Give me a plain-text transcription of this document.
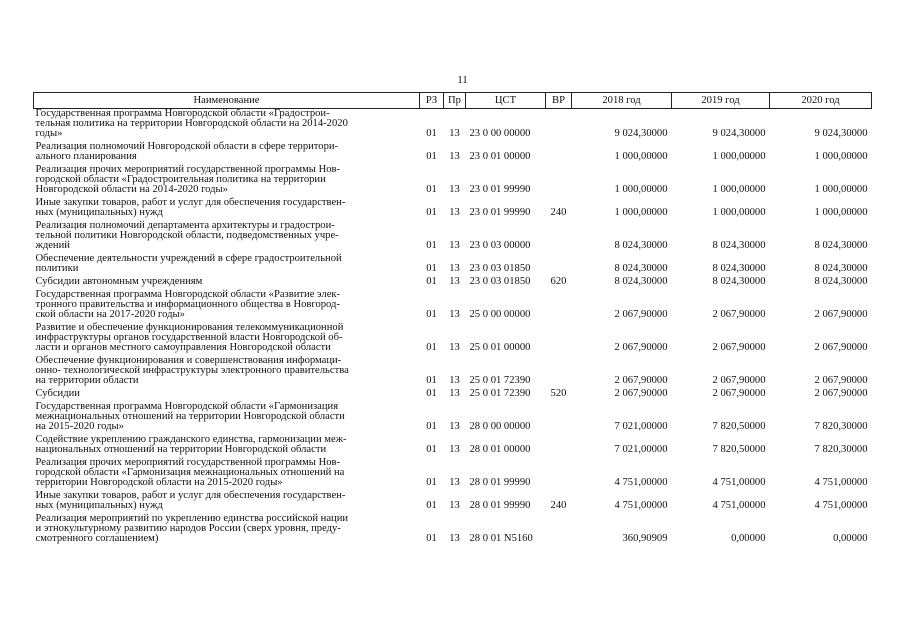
11
Наименование	РЗ	Пр	ЦСТ	ВР	2018 год	2019 год	2020 год
Государственная программа Новгородской области «Градострои-
тельная политика на территории Новгородской области на 2014-2020
годы»	01	13	23 0 00 00000		9 024,30000	9 024,30000	9 024,30000
Реализация полномочий Новгородской области в сфере территори-
ального планирования	01	13	23 0 01 00000		1 000,00000	1 000,00000	1 000,00000
Реализация прочих мероприятий государственной программы Нов-
городской области «Градостроительная политика на территории
Новгородской области на 2014-2020 годы»	01	13	23 0 01 99990		1 000,00000	1 000,00000	1 000,00000
Иные закупки товаров, работ и услуг для обеспечения государствен-
ных (муниципальных) нужд	01	13	23 0 01 99990	240	1 000,00000	1 000,00000	1 000,00000
Реализация полномочий департамента архитектуры и градострои-
тельной политики Новгородской области, подведомственных учре-
ждений	01	13	23 0 03 00000		8 024,30000	8 024,30000	8 024,30000
Обеспечение деятельности учреждений в сфере градостроительной
политики	01	13	23 0 03 01850		8 024,30000	8 024,30000	8 024,30000
Субсидии автономным учреждениям	01	13	23 0 03 01850	620	8 024,30000	8 024,30000	8 024,30000
Государственная программа Новгородской области «Развитие элек-
тронного правительства и информационного общества в Новгород-
ской области на 2017-2020 годы»	01	13	25 0 00 00000		2 067,90000	2 067,90000	2 067,90000
Развитие и обеспечение функционирования телекоммуникационной
инфраструктуры органов государственной власти Новгородской об-
ласти и органов местного самоуправления Новгородской области	01	13	25 0 01 00000		2 067,90000	2 067,90000	2 067,90000
Обеспечение функционирования и совершенствования информаци-
онно- технологической инфраструктуры электронного правительства
на территории области	01	13	25 0 01 72390		2 067,90000	2 067,90000	2 067,90000
Субсидии	01	13	25 0 01 72390	520	2 067,90000	2 067,90000	2 067,90000
Государственная программа Новгородской области «Гармонизация
межнациональных отношений на территории Новгородской области
на 2015-2020 годы»	01	13	28 0 00 00000		7 021,00000	7 820,50000	7 820,30000
Содействие укреплению гражданского единства, гармонизации меж-
национальных отношений на территории Новгородской области	01	13	28 0 01 00000		7 021,00000	7 820,50000	7 820,30000
Реализация прочих мероприятий государственной программы Нов-
городской области «Гармонизация межнациональных отношений на
территории Новгородской области на 2015-2020 годы»	01	13	28 0 01 99990		4 751,00000	4 751,00000	4 751,00000
Иные закупки товаров, работ и услуг для обеспечения государствен-
ных (муниципальных) нужд	01	13	28 0 01 99990	240	4 751,00000	4 751,00000	4 751,00000
Реализация мероприятий по укреплению единства российской нации
и этнокультурному развитию народов России (сверх уровня, преду-
смотренного соглашением)	01	13	28 0 01 N5160		360,90909	0,00000	0,00000
